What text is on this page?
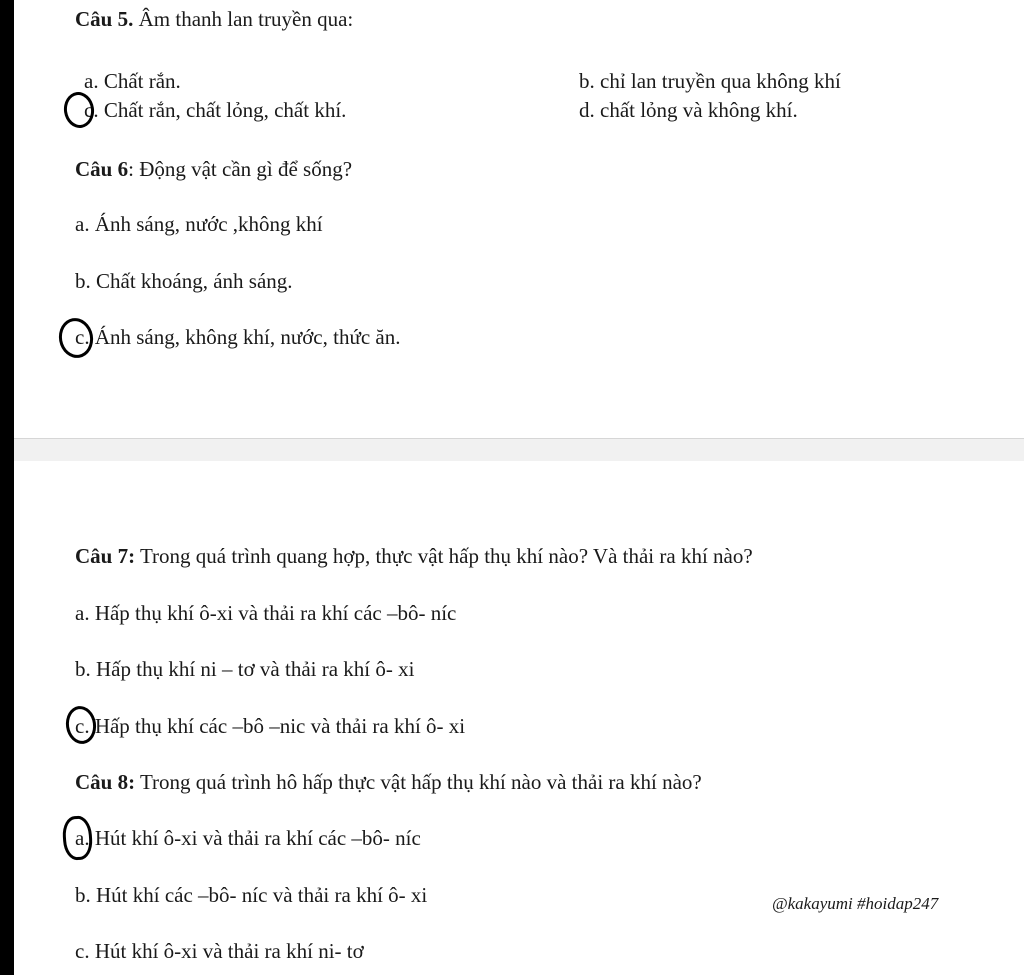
Câu 5. Âm thanh lan truyền qua:
a. Chất rắn.	b. chỉ lan truyền qua không khí
c. Chất rắn, chất lỏng, chất khí.	d. chất lỏng và không khí.
Câu 6: Động vật cần gì để sống?
a. Ánh sáng, nước ,không khí
b. Chất khoáng, ánh sáng.
c. Ánh sáng, không khí, nước, thức ăn.
Câu 7: Trong quá trình quang hợp, thực vật hấp thụ khí nào? Và thải ra khí nào?
a. Hấp thụ khí ô-xi và thải ra khí các –bô- níc
b. Hấp thụ khí ni – tơ và thải ra khí ô- xi
c. Hấp thụ khí các –bô –nic và thải ra khí ô- xi
Câu 8: Trong quá trình hô hấp thực vật hấp thụ khí nào và thải ra khí nào?
a. Hút khí ô-xi và thải ra khí các –bô- níc
b. Hút khí các –bô- níc và thải ra khí ô- xi
c. Hút khí ô-xi và thải ra khí ni- tơ
@kakayumi #hoidap247
